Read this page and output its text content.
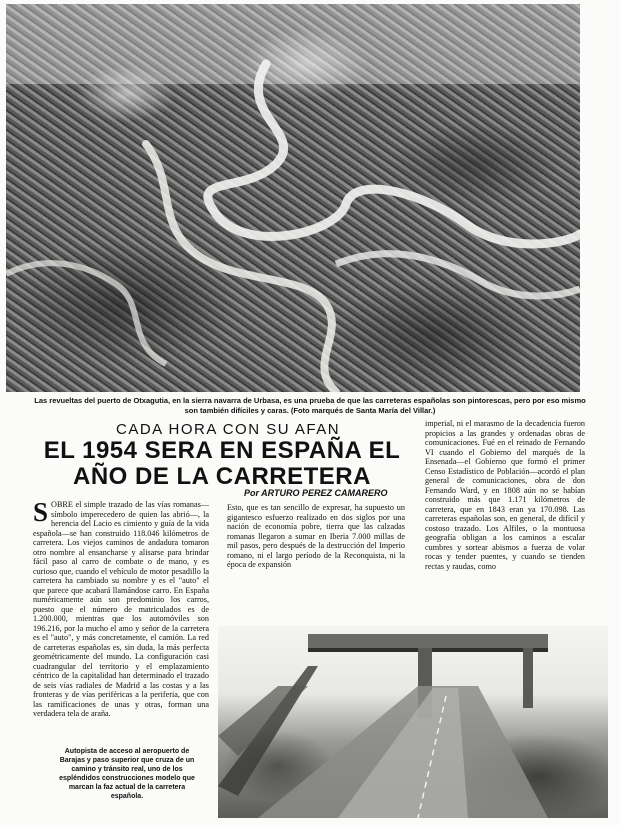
Las revueltas del puerto de Otxagutia, en la sierra navarra de Urbasa, es una prueba de que las carreteras españolas son pintorescas, pero por eso mismo son también difíciles y caras. (Foto marqués de Santa María del Villar.)
CADA HORA CON SU AFAN
EL 1954 SERA EN ESPAÑA EL AÑO DE LA CARRETERA
Por ARTURO PEREZ CAMARERO
SOBRE el simple trazado de las vías romanas—símbolo imperecedero de quien las abrió—, la herencia del Lacio es cimiento y guía de la vida española—se han construido 118.046 kilómetros de carretera. Los viejos caminos de andadura tomaron otro nombre al ensancharse y alisarse para brindar fácil paso al carro de combate o de mano, y es curioso que, cuando el vehículo de motor pesadillo la carretera ha cambiado su nombre y es el "auto" el que parece que acabará llamándose carro. En España numéricamente aún son predominio los carros, puesto que el número de matriculados es de 1.200.000, mientras que los automóviles son 196.216, por la mucho el amo y señor de la carretera es el "auto", y más concretamente, el camión. La red de carreteras españolas es, sin duda, la más perfecta geométricamente del mundo. La configuración casi cuadrangular del territorio y el emplazamiento céntrico de la capitalidad han determinado el trazado de seis vías radiales de Madrid a las costas y a las fronteras y de vías periféricas a la periferia, que con las ramificaciones de unas y otras, forman una verdadera tela de araña.
Esto, que es tan sencillo de expresar, ha supuesto un gigantesco esfuerzo realizado en dos siglos por una nación de economía pobre, tierra que las calzadas romanas llegaron a sumar en Iberia 7.000 millas de mil pasos, pero después de la destrucción del Imperio romano, ni el largo período de la Reconquista, ni la época de expansión
imperial, ni el marasmo de la decadencia fueron propicios a las grandes y ordenadas obras de comunicaciones. Fué en el reinado de Fernando VI cuando el Gobierno del marqués de la Ensenada—el Gobierno que formó el primer Censo Estadístico de Población—acordó el plan general de comunicaciones, obra de don Fernando Ward, y en 1808 aún no se habían construido más que 1.171 kilómetros de carretera, que en 1843 eran ya 170.098. Las carreteras españolas son, en general, de difícil y costoso trazado. Los Alfiles, o la montuosa geografía obligan a los caminos a escalar cumbres y sortear abismos a fuerza de volar rocas y tender puentes, y cuando se tienden rectas y raudas, como
Autopista de acceso al aeropuerto de Barajas y paso superior que cruza de un camino y tránsito real, uno de los espléndidos construcciones modelo que marcan la faz actual de la carretera española.
